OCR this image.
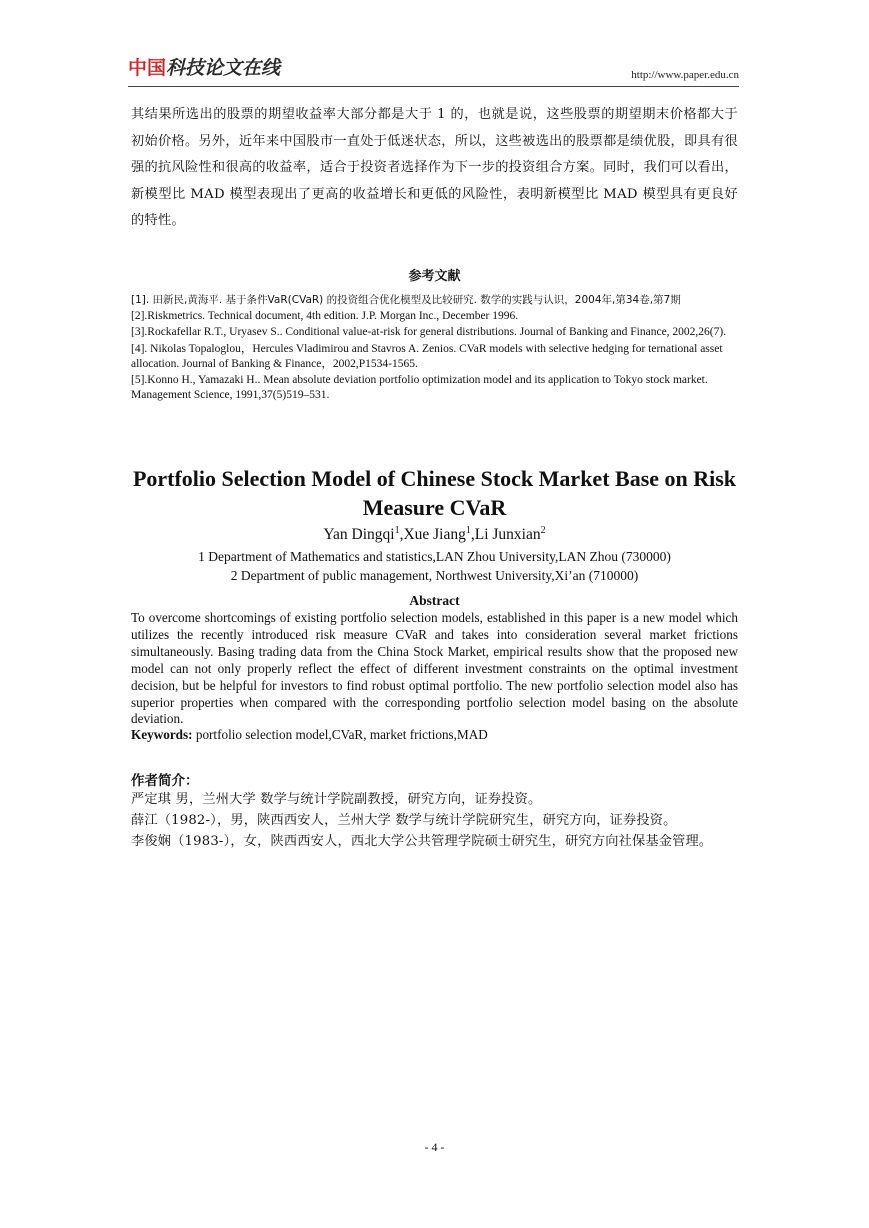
中国科技论文在线	http://www.paper.edu.cn
其结果所选出的股票的期望收益率大部分都是大于 1 的，也就是说，这些股票的期望期末价格都大于初始价格。另外，近年来中国股市一直处于低迷状态，所以，这些被选出的股票都是绩优股，即具有很强的抗风险性和很高的收益率，适合于投资者选择作为下一步的投资组合方案。同时，我们可以看出，新模型比 MAD 模型表现出了更高的收益增长和更低的风险性，表明新模型比 MAD 模型具有更良好的特性。
参考文献
[1]. 田新民,黄海平. 基于条件VaR(CVaR) 的投资组合优化模型及比较研究. 数学的实践与认识，2004年,第34卷,第7期
[2].Riskmetrics. Technical document, 4th edition. J.P. Morgan Inc., December 1996.
[3].Rockafellar R.T., Uryasev S.. Conditional value-at-risk for general distributions. Journal of Banking and Finance, 2002,26(7).
[4]. Nikolas Topaloglou，Hercules Vladimirou and Stavros A. Zenios. CVaR models with selective hedging for ternational asset allocation. Journal of Banking & Finance，2002,P1534-1565.
[5].Konno H., Yamazaki H.. Mean absolute deviation portfolio optimization model and its application to Tokyo stock market. Management Science, 1991,37(5)519–531.
Portfolio Selection Model of Chinese Stock Market Base on Risk Measure CVaR
Yan Dingqi$^1$,Xue Jiang$^1$,Li Junxian$^2$
1 Department of Mathematics and statistics,LAN Zhou University,LAN Zhou (730000)
2 Department of public management, Northwest University,Xi’an (710000)
Abstract
To overcome shortcomings of existing portfolio selection models, established in this paper is a new model which utilizes the recently introduced risk measure CVaR and takes into consideration several market frictions simultaneously. Basing trading data from the China Stock Market, empirical results show that the proposed new model can not only properly reflect the effect of different investment constraints on the optimal investment decision, but be helpful for investors to find robust optimal portfolio. The new portfolio selection model also has superior properties when compared with the corresponding portfolio selection model basing on the absolute deviation.
Keywords: portfolio selection model,CVaR, market frictions,MAD
作者简介：
严定琪 男，兰州大学 数学与统计学院副教授，研究方向，证券投资。
薛江（1982-），男，陕西西安人，兰州大学 数学与统计学院研究生，研究方向，证券投资。
李俊娴（1983-），女，陕西西安人，西北大学公共管理学院硕士研究生，研究方向社保基金管理。
- 4 -
